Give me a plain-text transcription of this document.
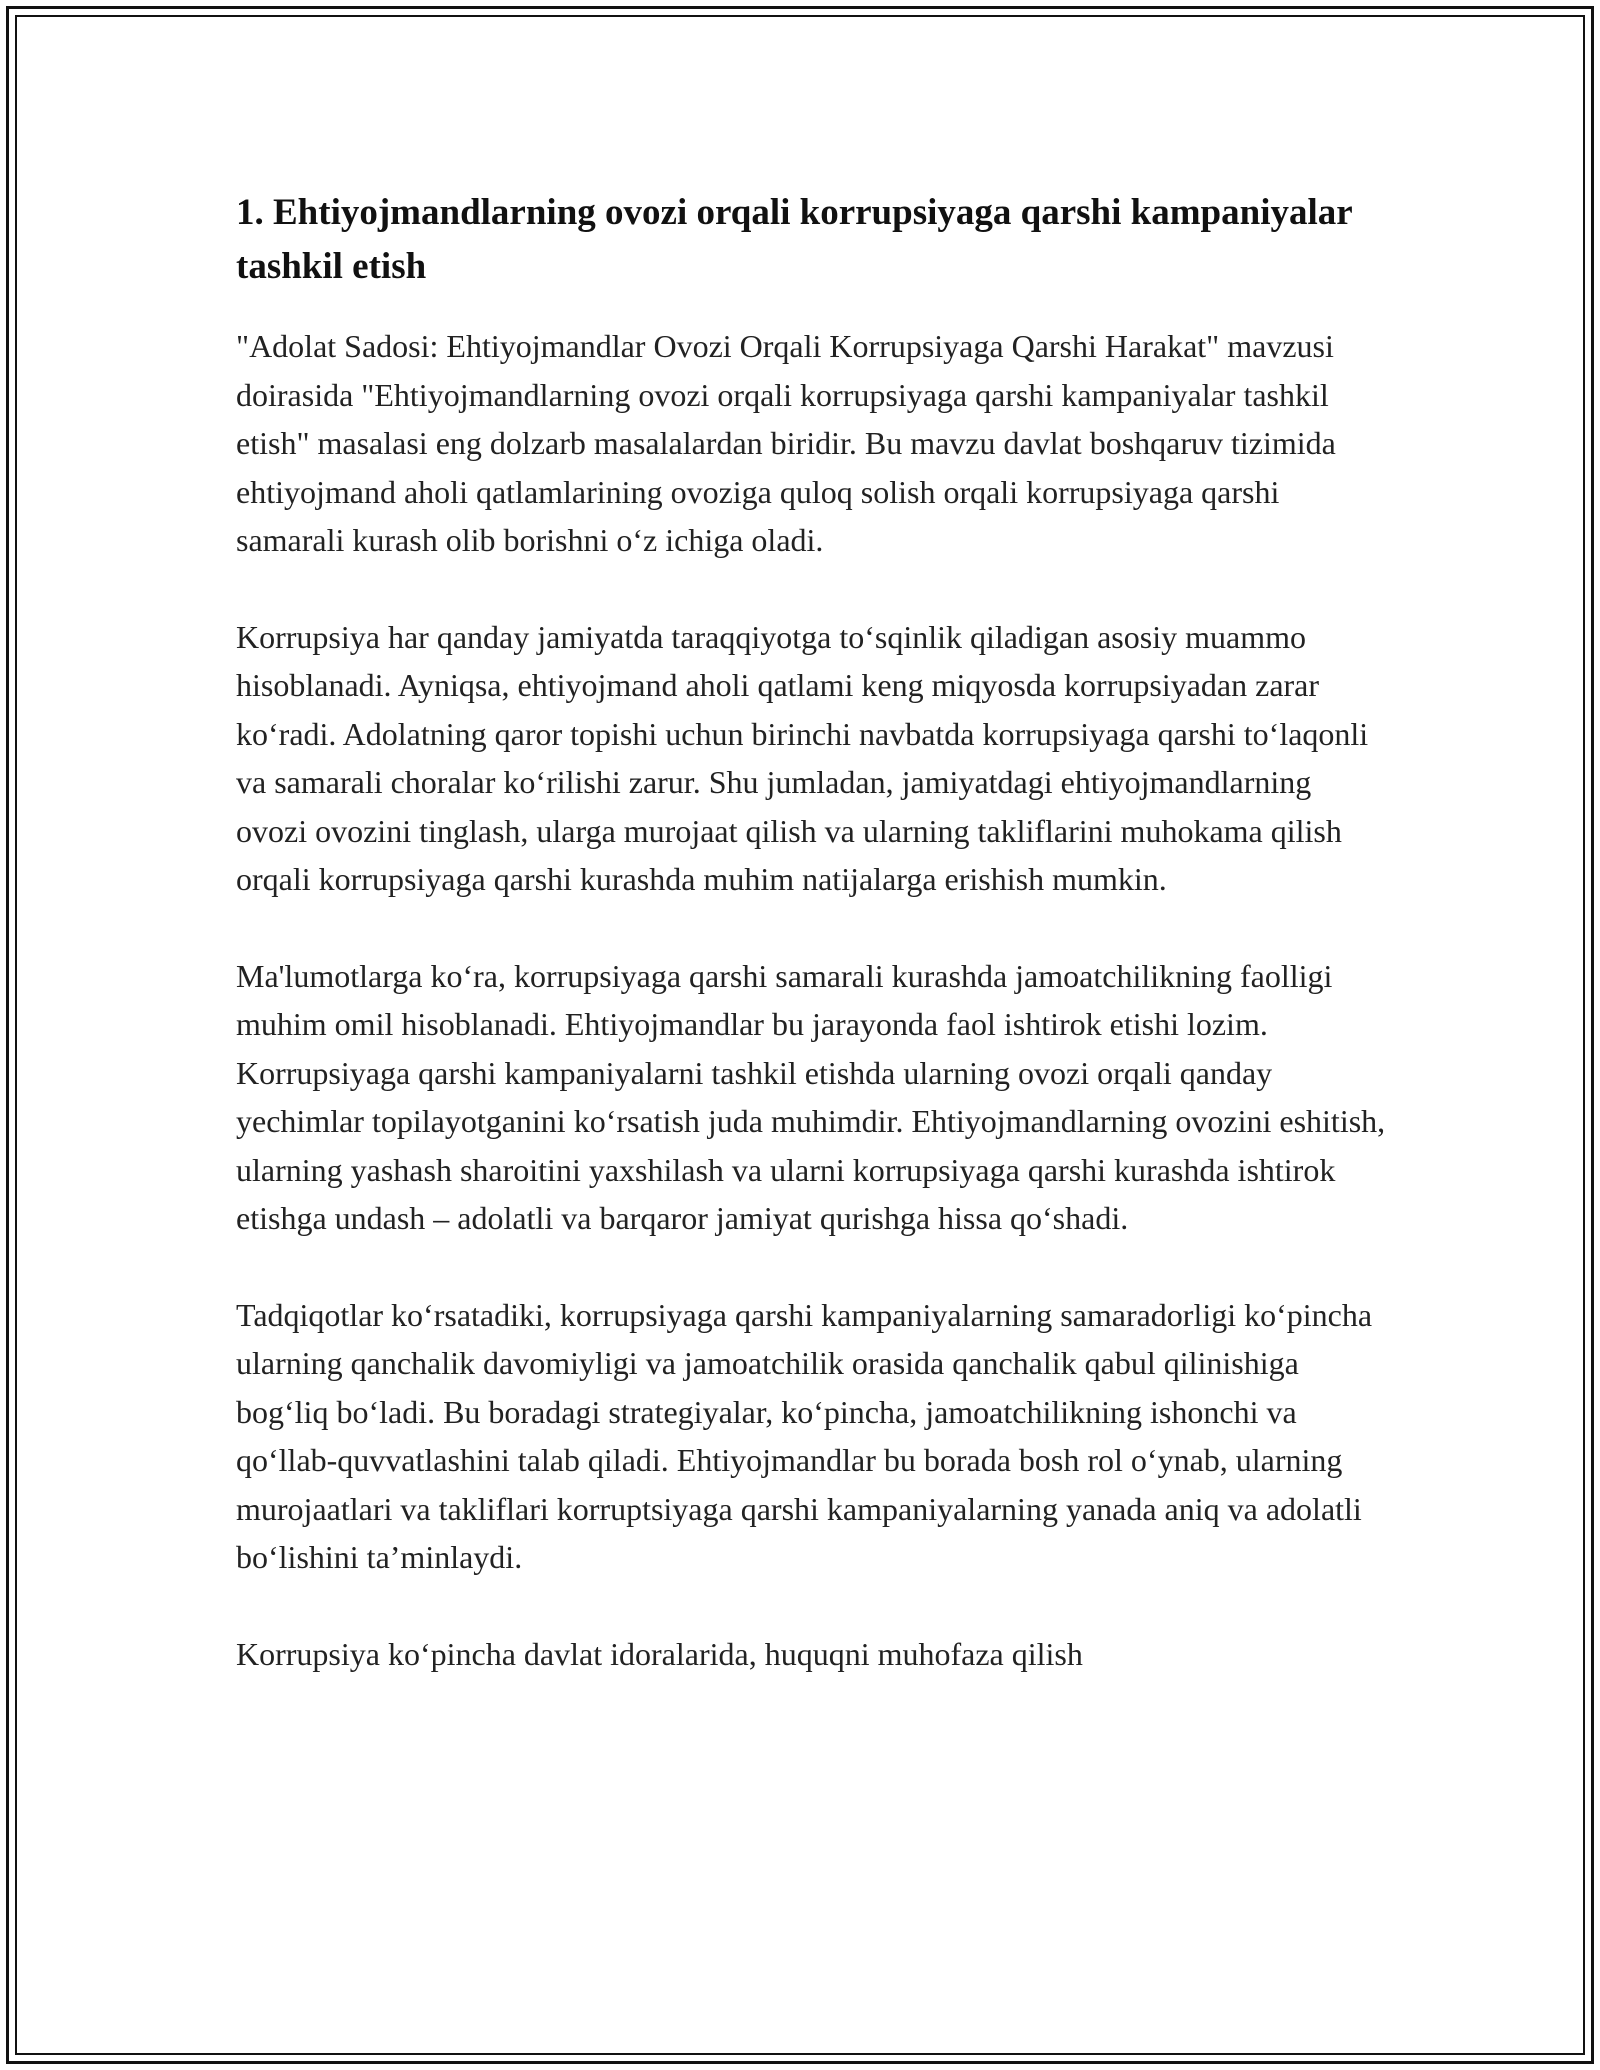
1. Ehtiyojmandlarning ovozi orqali korrupsiyaga qarshi kampaniyalar tashkil etish

"Adolat Sadosi: Ehtiyojmandlar Ovozi Orqali Korrupsiyaga Qarshi Harakat" mavzusi doirasida "Ehtiyojmandlarning ovozi orqali korrupsiyaga qarshi kampaniyalar tashkil etish" masalasi eng dolzarb masalalardan biridir. Bu mavzu davlat boshqaruv tizimida ehtiyojmand aholi qatlamlarining ovoziga quloq solish orqali korrupsiyaga qarshi samarali kurash olib borishni o‘z ichiga oladi.

Korrupsiya har qanday jamiyatda taraqqiyotga to‘sqinlik qiladigan asosiy muammo hisoblanadi. Ayniqsa, ehtiyojmand aholi qatlami keng miqyosda korrupsiyadan zarar ko‘radi. Adolatning qaror topishi uchun birinchi navbatda korrupsiyaga qarshi to‘laqonli va samarali choralar ko‘rilishi zarur. Shu jumladan, jamiyatdagi ehtiyojmandlarning ovozi ovozini tinglash, ularga murojaat qilish va ularning takliflarini muhokama qilish orqali korrupsiyaga qarshi kurashda muhim natijalarga erishish mumkin.

Ma'lumotlarga ko‘ra, korrupsiyaga qarshi samarali kurashda jamoatchilikning faolligi muhim omil hisoblanadi. Ehtiyojmandlar bu jarayonda faol ishtirok etishi lozim. Korrupsiyaga qarshi kampaniyalarni tashkil etishda ularning ovozi orqali qanday yechimlar topilayotganini ko‘rsatish juda muhimdir. Ehtiyojmandlarning ovozini eshitish, ularning yashash sharoitini yaxshilash va ularni korrupsiyaga qarshi kurashda ishtirok etishga undash – adolatli va barqaror jamiyat qurishga hissa qo‘shadi.

Tadqiqotlar ko‘rsatadiki, korrupsiyaga qarshi kampaniyalarning samaradorligi ko‘pincha ularning qanchalik davomiyligi va jamoatchilik orasida qanchalik qabul qilinishiga bog‘liq bo‘ladi. Bu boradagi strategiyalar, ko‘pincha, jamoatchilikning ishonchi va qo‘llab-quvvatlashini talab qiladi. Ehtiyojmandlar bu borada bosh rol o‘ynab, ularning murojaatlari va takliflari korruptsiyaga qarshi kampaniyalarning yanada aniq va adolatli bo‘lishini ta’minlaydi.

Korrupsiya ko‘pincha davlat idoralarida, huquqni muhofaza qilish
